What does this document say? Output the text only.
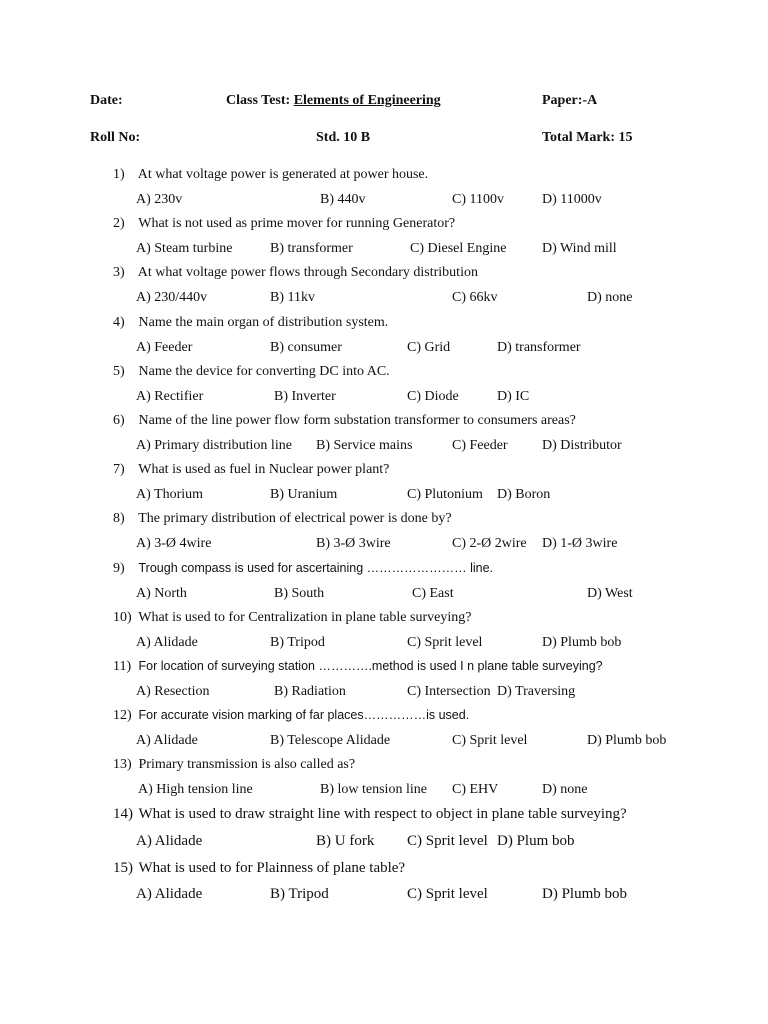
Date:	Class Test: Elements of Engineering	Paper:-A
Roll No:	Std. 10 B	Total Mark: 15
1) At what voltage power is generated at power house.
A) 230v	B) 440v	C) 1100v	D) 11000v
2) What is not used as prime mover for running Generator?
A) Steam turbine	B) transformer	C) Diesel Engine	D) Wind mill
3) At what voltage power flows through Secondary distribution
A) 230/440v	B) 11kv	C) 66kv	D) none
4) Name the main organ of distribution system.
A) Feeder	B) consumer	C) Grid	D) transformer
5) Name the device for converting DC into AC.
A) Rectifier	B) Inverter	C) Diode	D) IC
6) Name of the line power flow form substation transformer to consumers areas?
A) Primary distribution line B) Service mains	C) Feeder D) Distributor
7) What is used as fuel in Nuclear power plant?
A) Thorium	B) Uranium	C) Plutonium D) Boron
8) The primary distribution of electrical power is done by?
A) 3-Ø 4wire	B) 3-Ø 3wire	C) 2-Ø 2wire D) 1-Ø 3wire
9) Trough compass is used for ascertaining …………………… line.
A) North	B) South	C) East	D) West
10) What is used to for Centralization in plane table surveying?
A) Alidade	B) Tripod	C) Sprit level	D) Plumb bob
11) For location of surveying station ………….method is used I n plane table surveying?
A) Resection	B) Radiation	C) Intersection D) Traversing
12) For accurate vision marking of far places……………is used.
A) Alidade	B) Telescope Alidade	C) Sprit level	D) Plumb bob
13) Primary transmission is also called as?
A) High tension line	B) low tension line C) EHV	D) none
14) What is used to draw straight line with respect to object in plane table surveying?
A) Alidade	B) U fork C) Sprit level D) Plum bob
15) What is used to for Plainness of plane table?
A) Alidade	B) Tripod	C) Sprit level	D) Plumb bob
